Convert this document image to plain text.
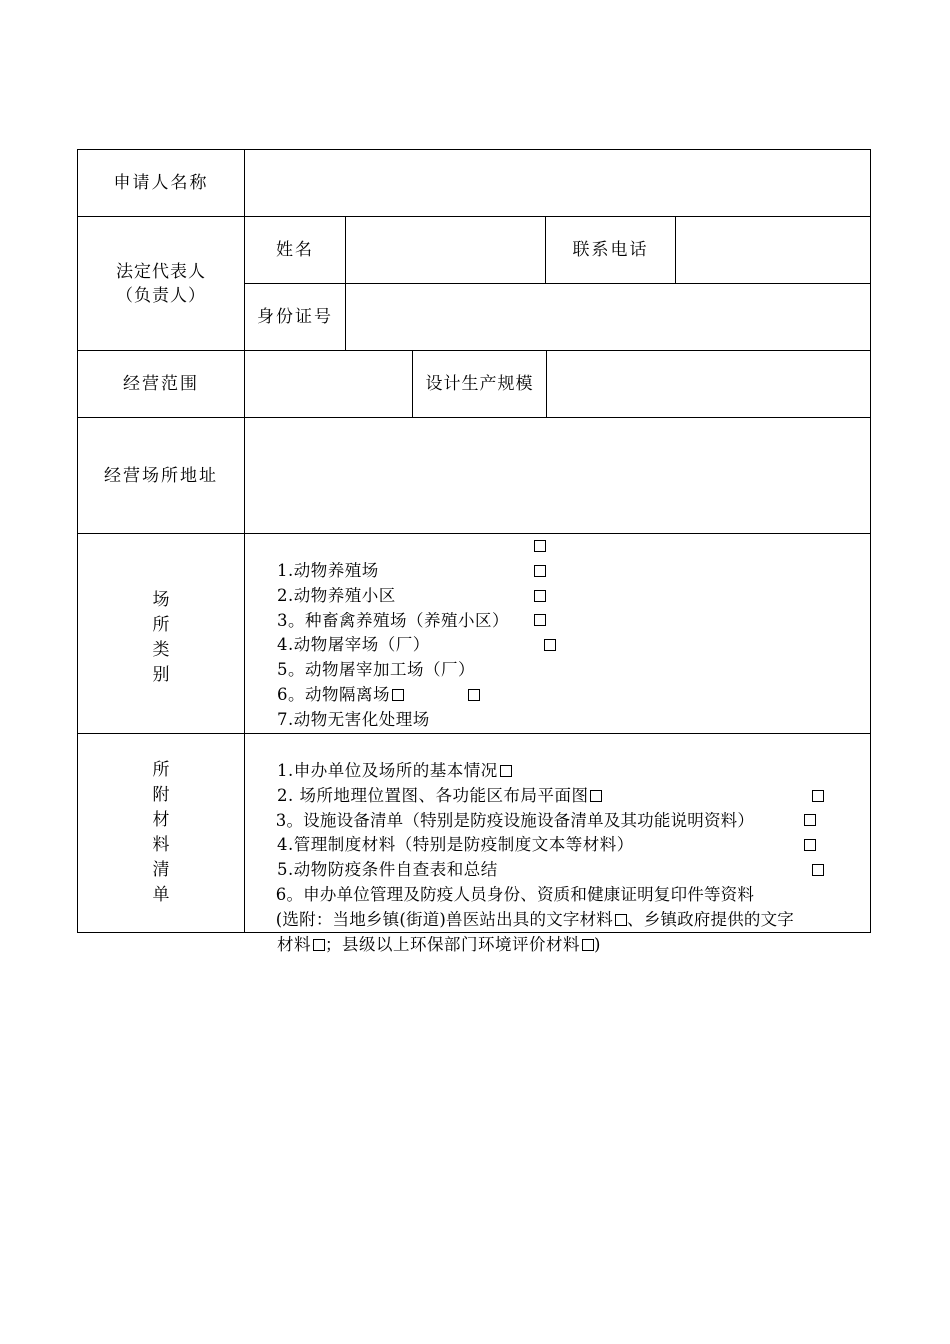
申请人名称
法定代表人
（负责人）
姓名	联系电话
身份证号
经营范围	设计生产规模
经营场所地址
场
所
类
别

1.动物养殖场

2.动物养殖小区

3。种畜禽养殖场（养殖小区）

4.动物屠宰场（厂）

5。动物屠宰加工场（厂）

6。动物隔离场

7.动物无害化处理场

所
附
材
料
清
单

1.申办单位及场所的基本情况

2. 场所地理位置图、各功能区布局平面图

3。设施设备清单（特别是防疫设施设备清单及其功能说明资料）

4.管理制度材料（特别是防疫制度文本等材料）

5.动物防疫条件自查表和总结

6。申办单位管理及防疫人员身份、资质和健康证明复印件等资料

(选附：当地乡镇(街道)兽医站出具的文字材料 、乡镇政府提供的文字

材料 ；县级以上环保部门环境评价材料 )
